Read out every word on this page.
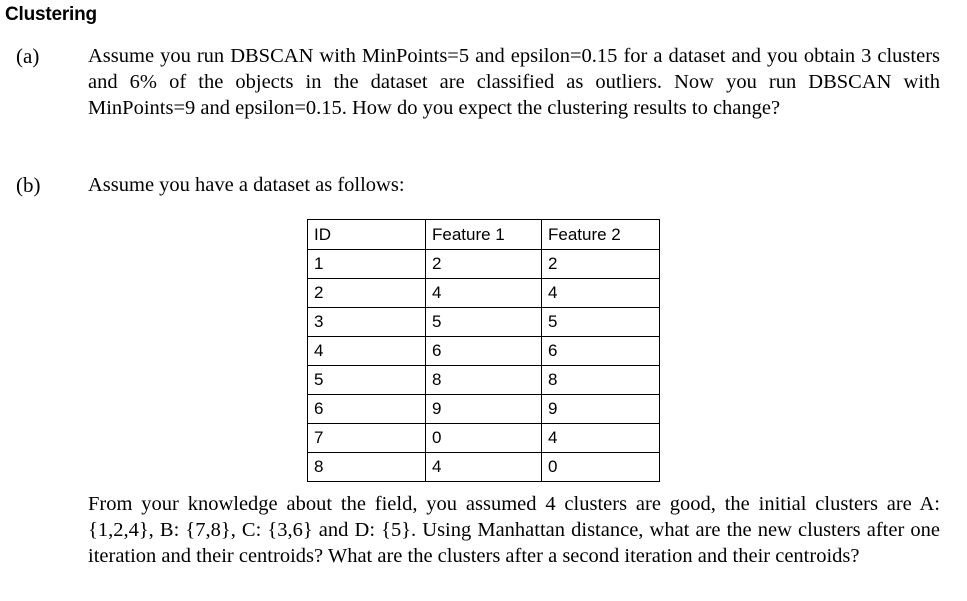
Clustering
(a) Assume you run DBSCAN with MinPoints=5 and epsilon=0.15 for a dataset and you obtain 3 clusters and 6% of the objects in the dataset are classified as outliers. Now you run DBSCAN with MinPoints=9 and epsilon=0.15. How do you expect the clustering results to change?
(b) Assume you have a dataset as follows:
ID	Feature 1	Feature 2
1	2	2
2	4	4
3	5	5
4	6	6
5	8	8
6	9	9
7	0	4
8	4	0
From your knowledge about the field, you assumed 4 clusters are good, the initial clusters are A: {1,2,4}, B: {7,8}, C: {3,6} and D: {5}. Using Manhattan distance, what are the new clusters after one iteration and their centroids? What are the clusters after a second iteration and their centroids?
